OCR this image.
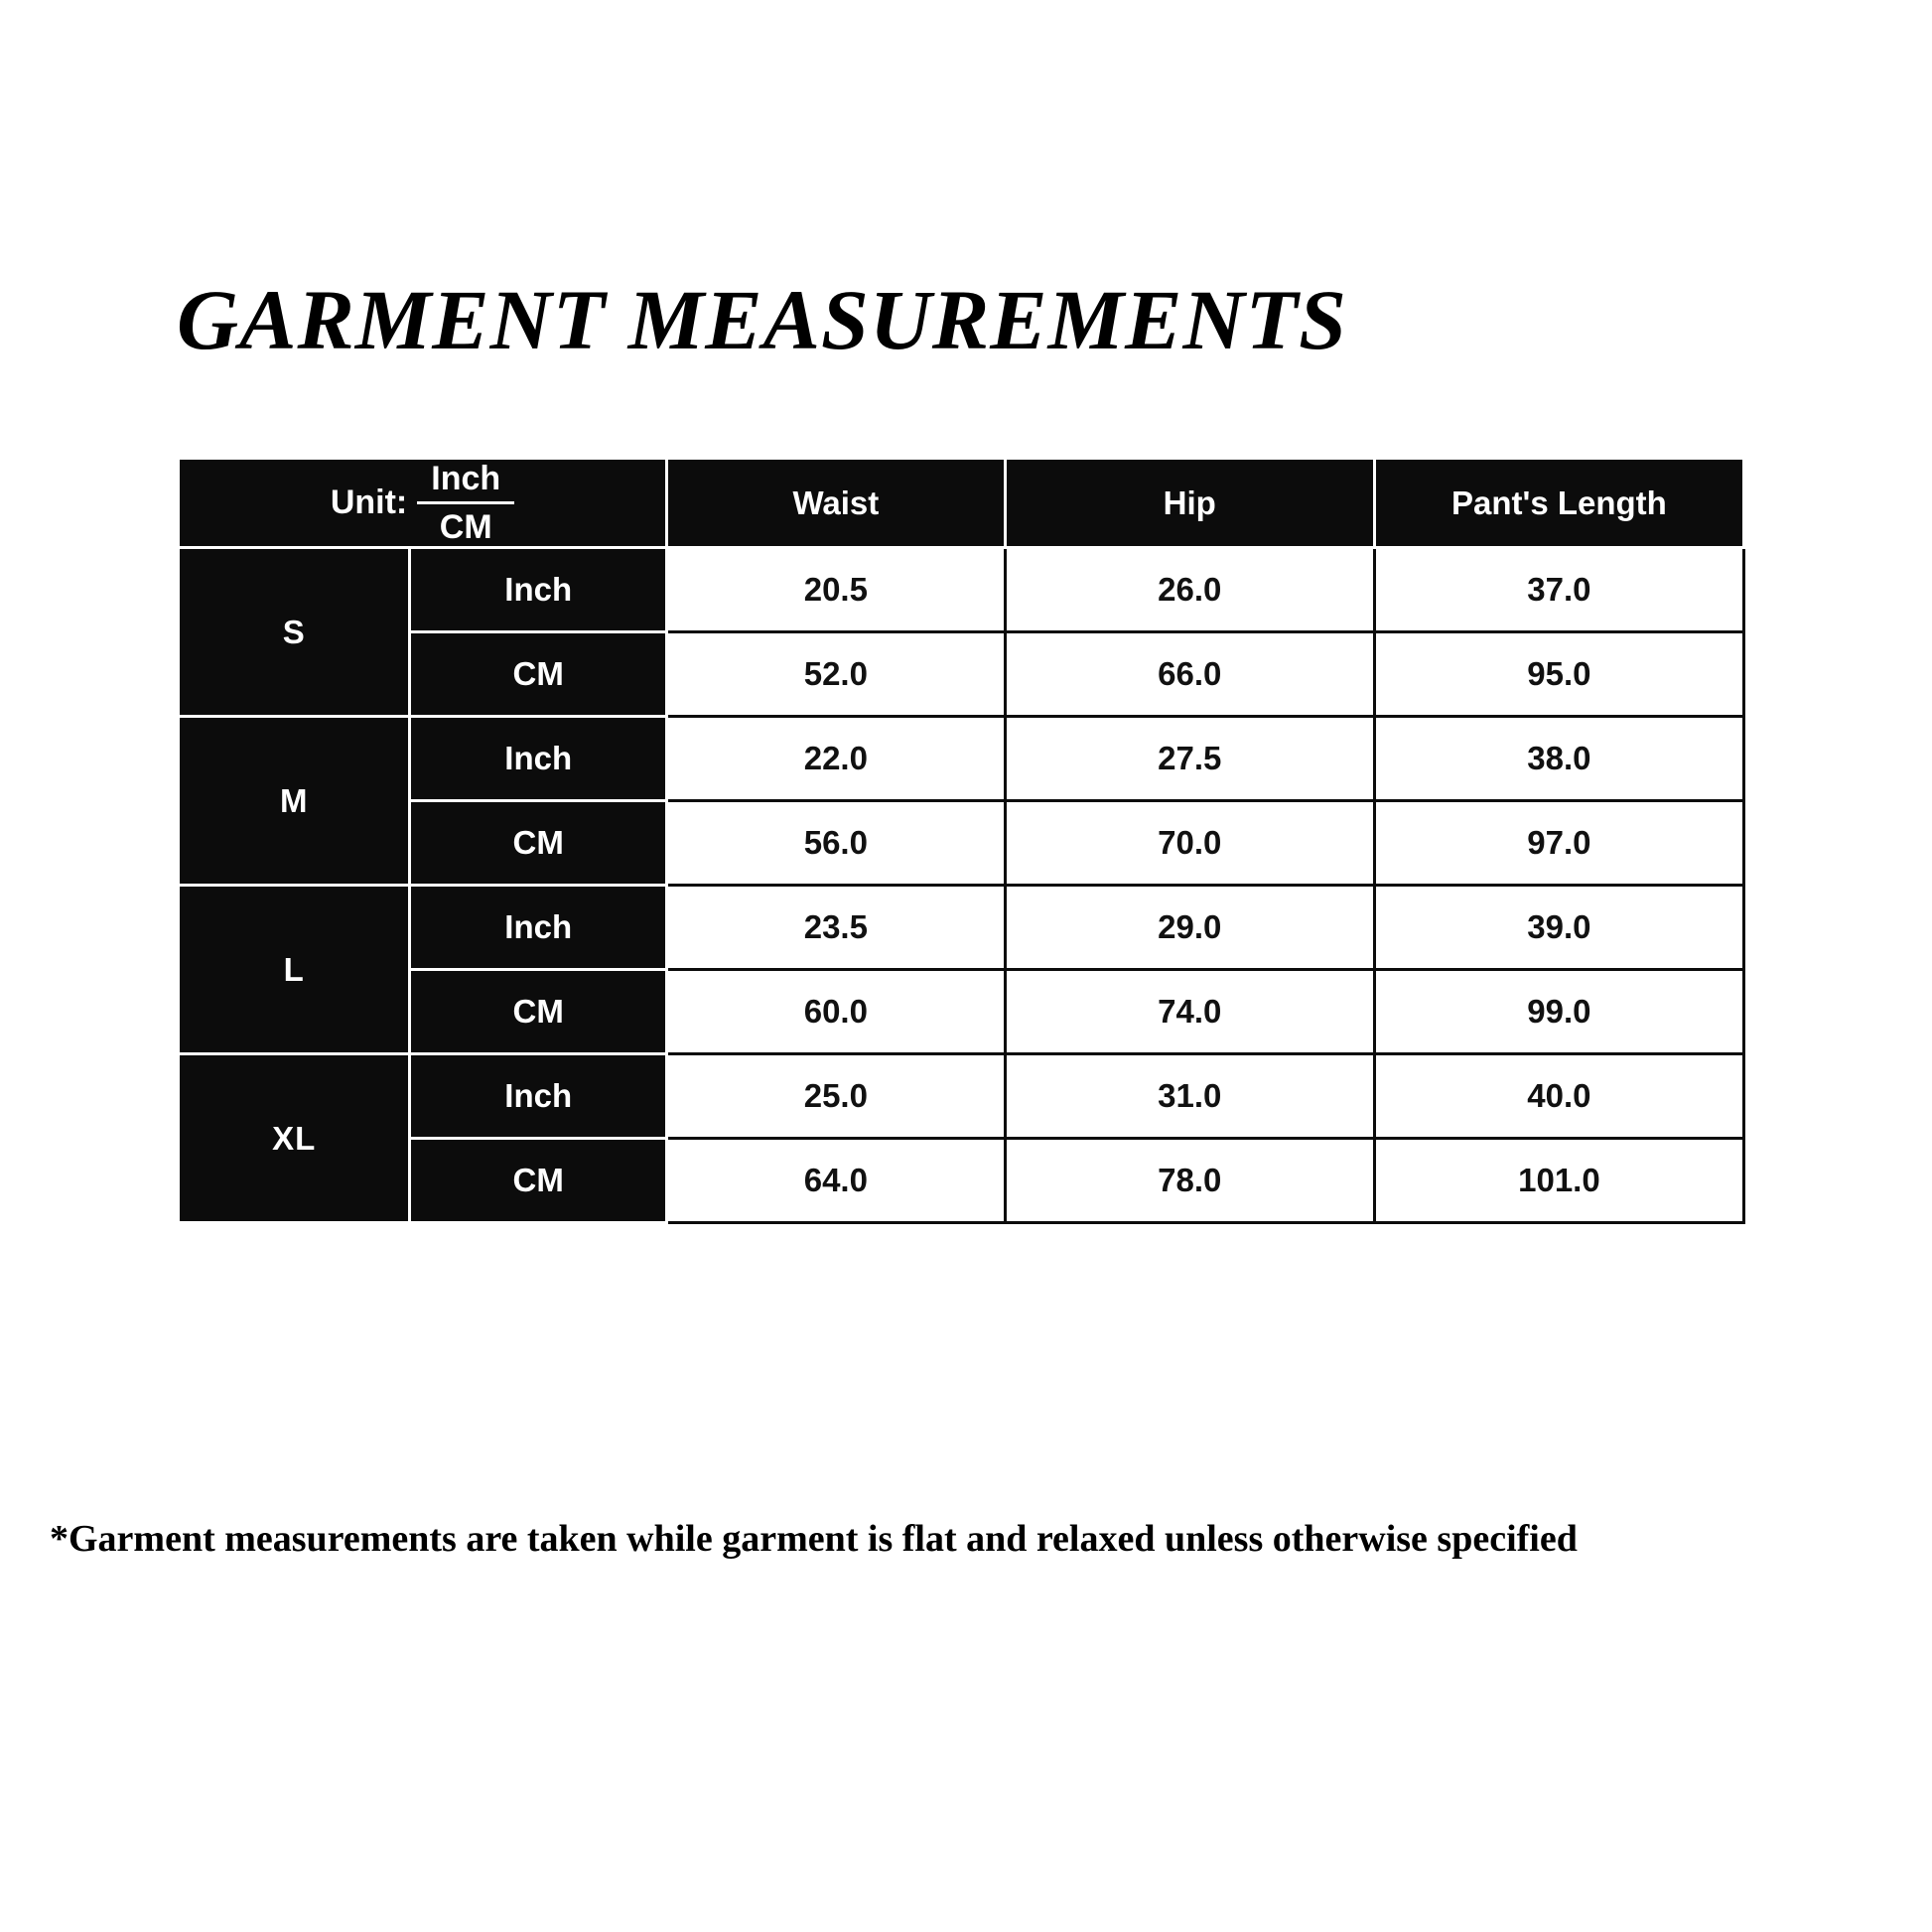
GARMENT MEASUREMENTS
Unit: $\frac{\text{Inch}}{CM}$		Waist	Hip	Pant's Length
S	Inch	20.5	26.0	37.0
	CM	52.0	66.0	95.0
M	Inch	22.0	27.5	38.0
	CM	56.0	70.0	97.0
L	Inch	23.5	29.0	39.0
	CM	60.0	74.0	99.0
XL	Inch	25.0	31.0	40.0
	CM	64.0	78.0	101.0
*Garment measurements are taken while garment is flat and relaxed unless otherwise specified
